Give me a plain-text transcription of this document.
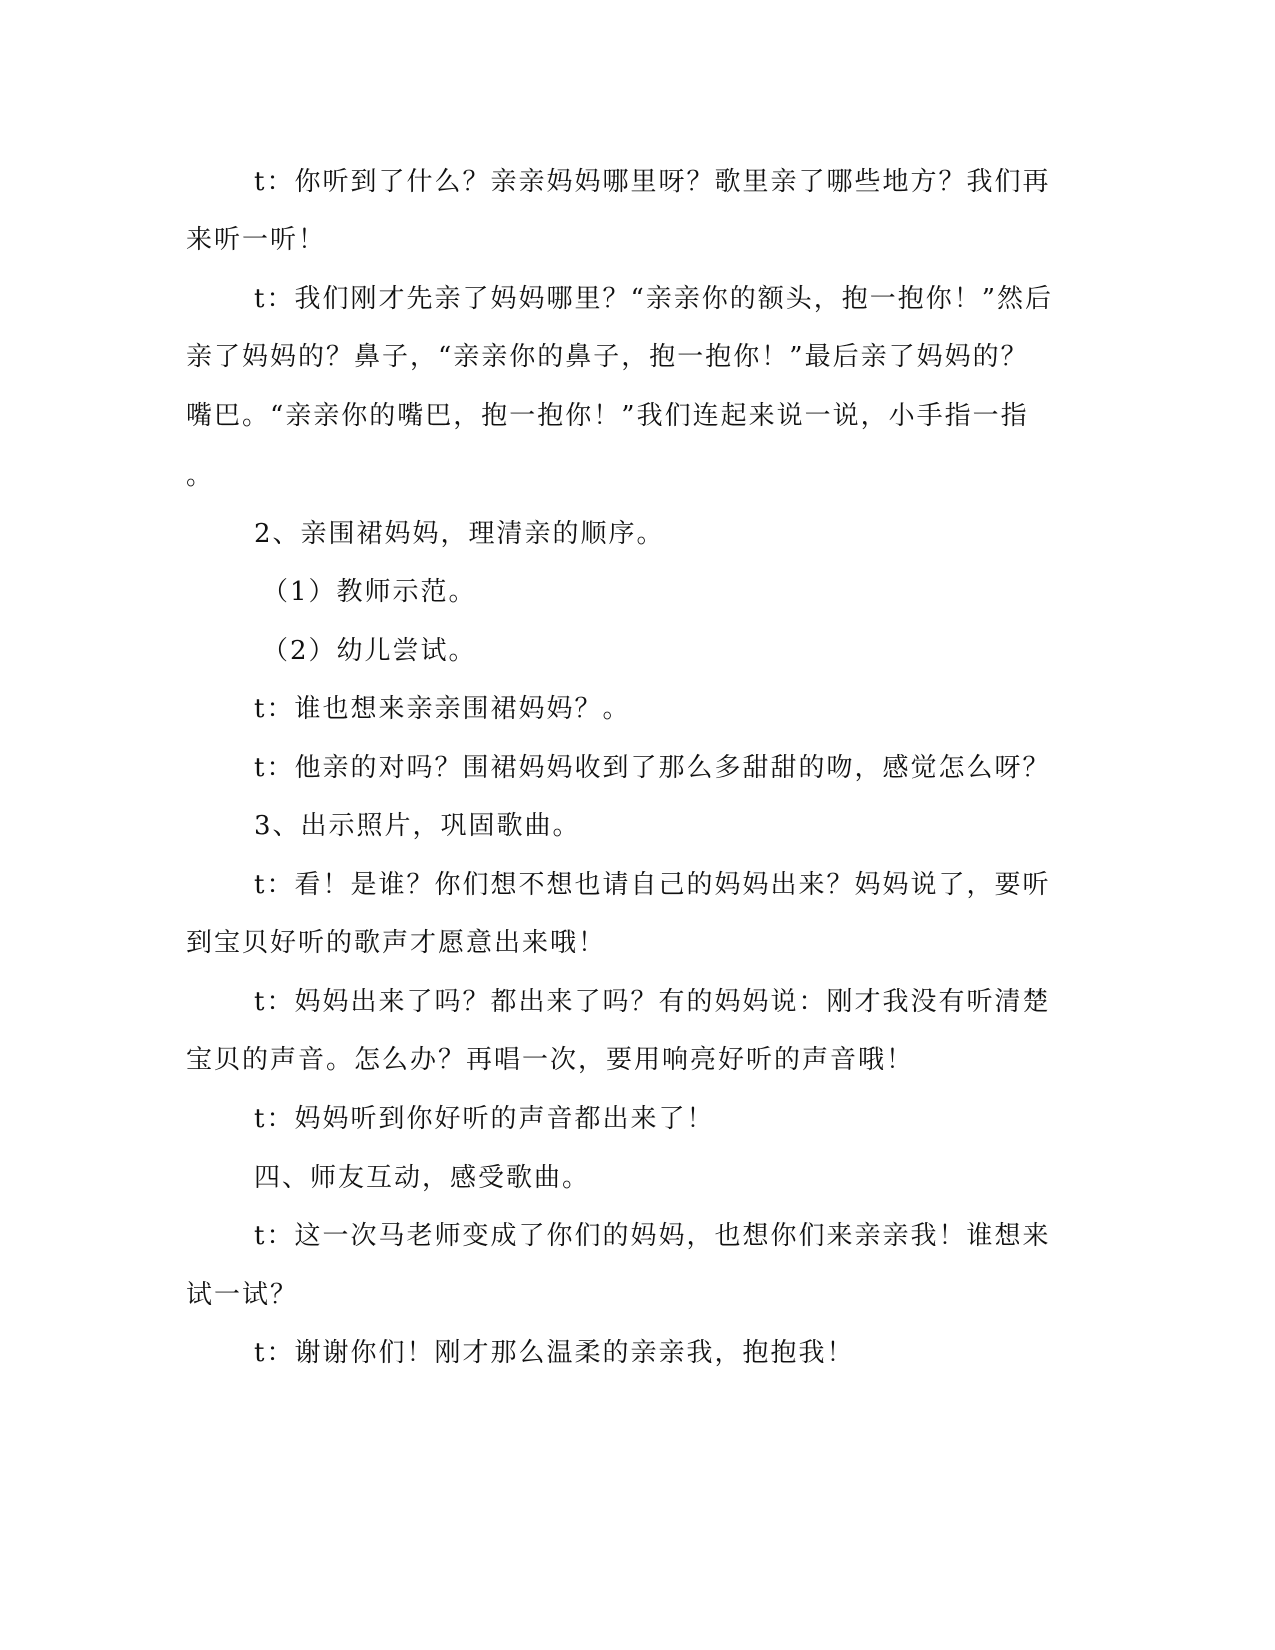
t：你听到了什么？亲亲妈妈哪里呀？歌里亲了哪些地方？我们再
来听一听！
t：我们刚才先亲了妈妈哪里？“亲亲你的额头，抱一抱你！”然后
亲了妈妈的？鼻子，“亲亲你的鼻子，抱一抱你！”最后亲了妈妈的？
嘴巴。“亲亲你的嘴巴，抱一抱你！”我们连起来说一说，小手指一指
。
2、亲围裙妈妈，理清亲的顺序。
（1）教师示范。
（2）幼儿尝试。
t：谁也想来亲亲围裙妈妈？。
t：他亲的对吗？围裙妈妈收到了那么多甜甜的吻，感觉怎么呀？
3、出示照片，巩固歌曲。
t：看！是谁？你们想不想也请自己的妈妈出来？妈妈说了，要听
到宝贝好听的歌声才愿意出来哦！
t：妈妈出来了吗？都出来了吗？有的妈妈说：刚才我没有听清楚
宝贝的声音。怎么办？再唱一次，要用响亮好听的声音哦！
t：妈妈听到你好听的声音都出来了！
四、师友互动，感受歌曲。
t：这一次马老师变成了你们的妈妈，也想你们来亲亲我！谁想来
试一试？
t：谢谢你们！刚才那么温柔的亲亲我，抱抱我！
